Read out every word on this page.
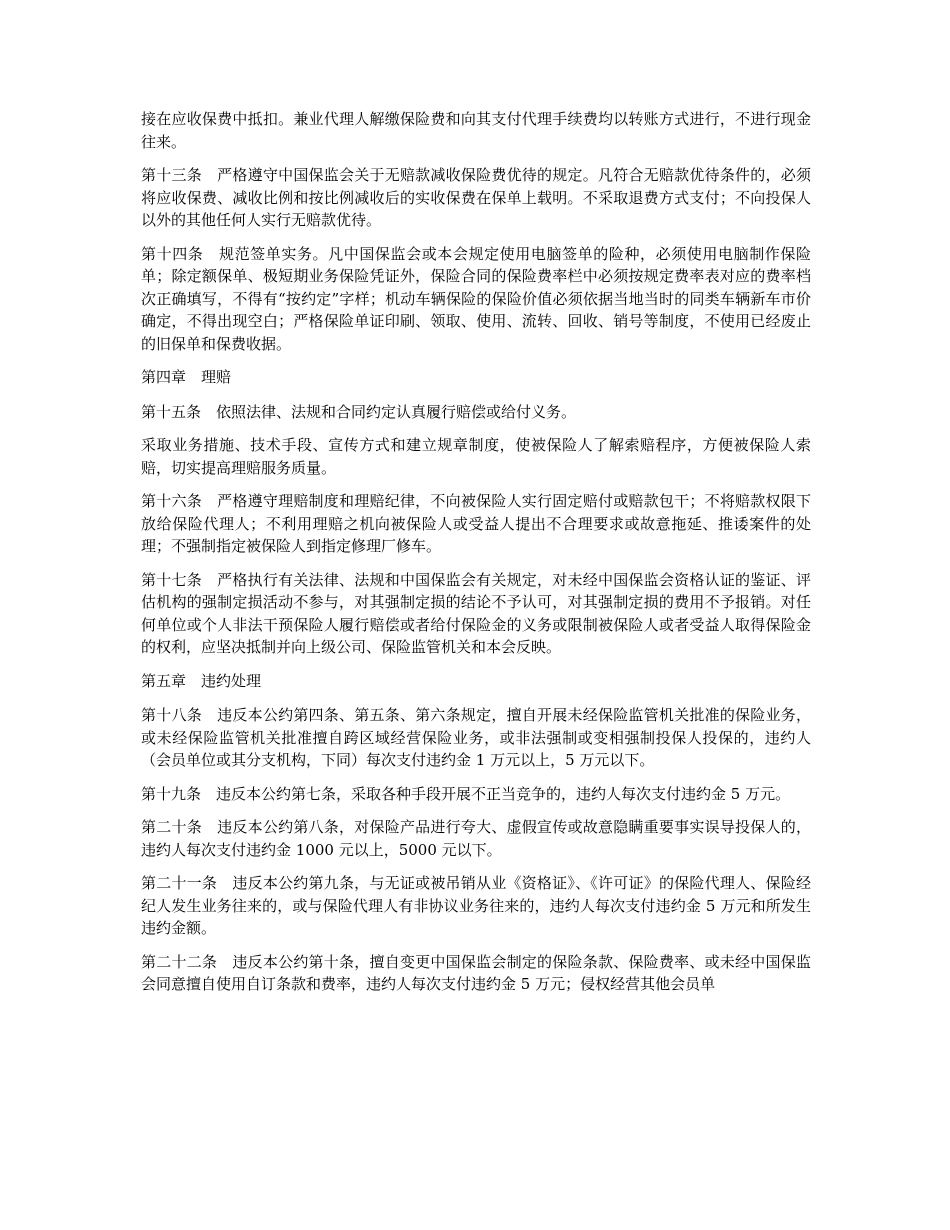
接在应收保费中抵扣。兼业代理人解缴保险费和向其支付代理手续费均以转账方式进行，不进行现金往来。

第十三条　严格遵守中国保监会关于无赔款减收保险费优待的规定。凡符合无赔款优待条件的，必须将应收保费、减收比例和按比例减收后的实收保费在保单上载明。不采取退费方式支付；不向投保人以外的其他任何人实行无赔款优待。

第十四条　规范签单实务。凡中国保监会或本会规定使用电脑签单的险种，必须使用电脑制作保险单；除定额保单、极短期业务保险凭证外，保险合同的保险费率栏中必须按规定费率表对应的费率档次正确填写，不得有“按约定”字样；机动车辆保险的保险价值必须依据当地当时的同类车辆新车市价确定，不得出现空白；严格保险单证印刷、领取、使用、流转、回收、销号等制度，不使用已经废止的旧保单和保费收据。

第四章　理赔

第十五条　依照法律、法规和合同约定认真履行赔偿或给付义务。

采取业务措施、技术手段、宣传方式和建立规章制度，使被保险人了解索赔程序，方便被保险人索赔，切实提高理赔服务质量。

第十六条　严格遵守理赔制度和理赔纪律，不向被保险人实行固定赔付或赔款包干；不将赔款权限下放给保险代理人；不利用理赔之机向被保险人或受益人提出不合理要求或故意拖延、推诿案件的处理；不强制指定被保险人到指定修理厂修车。

第十七条　严格执行有关法律、法规和中国保监会有关规定，对未经中国保监会资格认证的鉴证、评估机构的强制定损活动不参与，对其强制定损的结论不予认可，对其强制定损的费用不予报销。对任何单位或个人非法干预保险人履行赔偿或者给付保险金的义务或限制被保险人或者受益人取得保险金的权利，应坚决抵制并向上级公司、保险监管机关和本会反映。

第五章　违约处理

第十八条　违反本公约第四条、第五条、第六条规定，擅自开展未经保险监管机关批准的保险业务，或未经保险监管机关批准擅自跨区域经营保险业务，或非法强制或变相强制投保人投保的，违约人（会员单位或其分支机构，下同）每次支付违约金 1 万元以上，5 万元以下。

第十九条　违反本公约第七条，采取各种手段开展不正当竞争的，违约人每次支付违约金 5 万元。

第二十条　违反本公约第八条，对保险产品进行夸大、虚假宣传或故意隐瞒重要事实误导投保人的，违约人每次支付违约金 1000 元以上，5000 元以下。

第二十一条　违反本公约第九条，与无证或被吊销从业《资格证》、《许可证》的保险代理人、保险经纪人发生业务往来的，或与保险代理人有非协议业务往来的，违约人每次支付违约金 5 万元和所发生违约金额。

第二十二条　违反本公约第十条，擅自变更中国保监会制定的保险条款、保险费率、或未经中国保监会同意擅自使用自订条款和费率，违约人每次支付违约金 5 万元；侵权经营其他会员单
